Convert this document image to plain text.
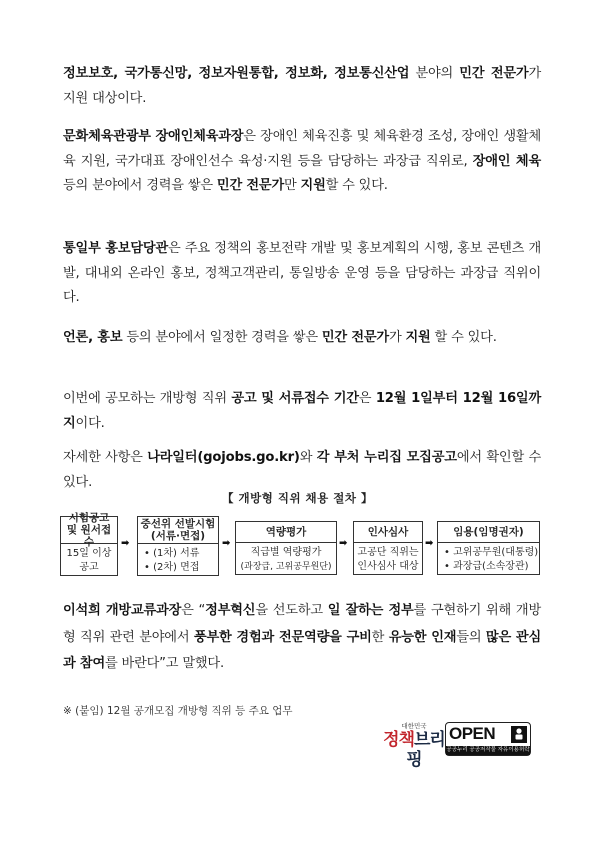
정보보호, 국가통신망, 정보자원통합, 정보화, 정보통신산업 분야의 민간 전문가가 지원 대상이다.
문화체육관광부 장애인체육과장은 장애인 체육진흥 및 체육환경 조성, 장애인 생활체육 지원, 국가대표 장애인선수 육성·지원 등을 담당하는 과장급 직위로, 장애인 체육 등의 분야에서 경력을 쌓은 민간 전문가만 지원할 수 있다.
통일부 홍보담당관은 주요 정책의 홍보전략 개발 및 홍보계획의 시행, 홍보 콘텐츠 개발, 대내외 온라인 홍보, 정책고객관리, 통일방송 운영 등을 담당하는 과장급 직위이다.
언론, 홍보 등의 분야에서 일정한 경력을 쌓은 민간 전문가가 지원 할 수 있다.
이번에 공모하는 개방형 직위 공고 및 서류접수 기간은 12월 1일부터 12월 16일까지이다.
자세한 사항은 나라일터(gojobs.go.kr)와 각 부처 누리집 모집공고에서 확인할 수 있다.
【 개방형 직위 채용 절차 】
시험공고 및 원서접수
15일 이상
공고
➡
중선위 선발시험 (서류·면접)
• (1차) 서류
• (2차) 면접
➡
역량평가
직급별 역량평가
(과장급, 고위공무원단)
➡
인사심사
고공단 직위는
인사심사 대상
➡
임용(임명권자)
• 고위공무원(대통령)
• 과장급(소속장관)
이석희 개방교류과장은 “정부혁신을 선도하고 일 잘하는 정부를 구현하기 위해 개방형 직위 관련 분야에서 풍부한 경험과 전문역량을 구비한 유능한 인재들의 많은 관심과 참여를 바란다”고 말했다.
※ (붙임) 12월 공개모집 개방형 직위 등 주요 업무
대한민국
정책브리핑
OPEN
공공누리 공공저작물 자유이용허락
